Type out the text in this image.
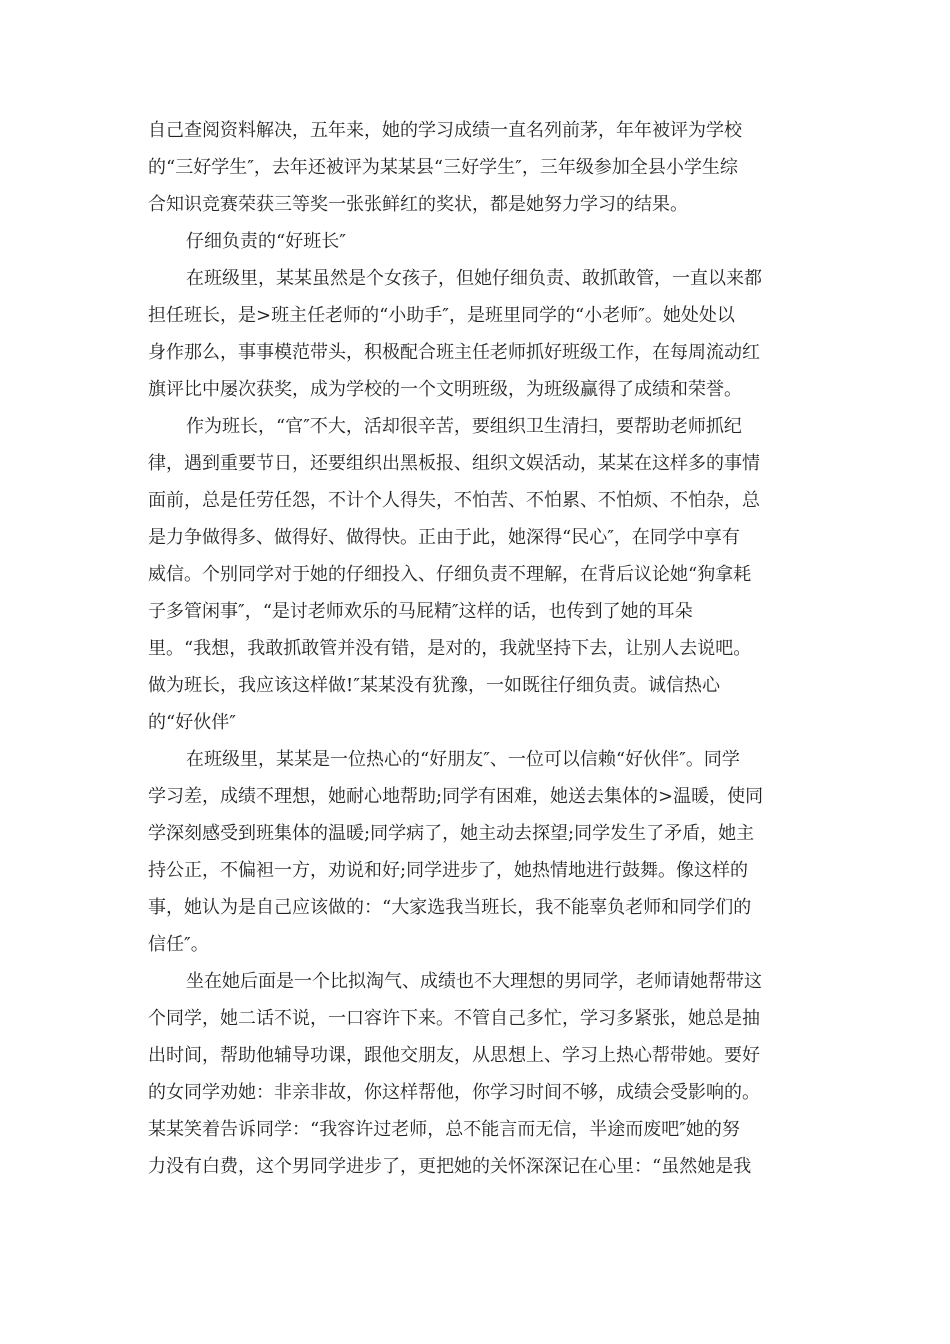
自己查阅资料解决，五年来，她的学习成绩一直名列前茅，年年被评为学校
的“三好学生″，去年还被评为某某县“三好学生″，三年级参加全县小学生综
合知识竞赛荣获三等奖一张张鲜红的奖状，都是她努力学习的结果。
仔细负责的“好班长″
在班级里，某某虽然是个女孩子，但她仔细负责、敢抓敢管，一直以来都
担任班长，是>班主任老师的“小助手″，是班里同学的“小老师″。她处处以
身作那么，事事模范带头，积极配合班主任老师抓好班级工作，在每周流动红
旗评比中屡次获奖，成为学校的一个文明班级，为班级赢得了成绩和荣誉。
作为班长，“官″不大，活却很辛苦，要组织卫生清扫，要帮助老师抓纪
律，遇到重要节日，还要组织出黑板报、组织文娱活动，某某在这样多的事情
面前，总是任劳任怨，不计个人得失，不怕苦、不怕累、不怕烦、不怕杂，总
是力争做得多、做得好、做得快。正由于此，她深得“民心″，在同学中享有
威信。个别同学对于她的仔细投入、仔细负责不理解，在背后议论她“狗拿耗
子多管闲事″，“是讨老师欢乐的马屁精″这样的话，也传到了她的耳朵
里。“我想，我敢抓敢管并没有错，是对的，我就坚持下去，让别人去说吧。
做为班长，我应该这样做!″某某没有犹豫，一如既往仔细负责。诚信热心
的“好伙伴″
在班级里，某某是一位热心的“好朋友″、一位可以信赖“好伙伴″。同学
学习差，成绩不理想，她耐心地帮助;同学有困难，她送去集体的>温暖，使同
学深刻感受到班集体的温暖;同学病了，她主动去探望;同学发生了矛盾，她主
持公正，不偏袒一方，劝说和好;同学进步了，她热情地进行鼓舞。像这样的
事，她认为是自己应该做的：“大家选我当班长，我不能辜负老师和同学们的
信任″。
坐在她后面是一个比拟淘气、成绩也不大理想的男同学，老师请她帮带这
个同学，她二话不说，一口容许下来。不管自己多忙，学习多紧张，她总是抽
出时间，帮助他辅导功课，跟他交朋友，从思想上、学习上热心帮带她。要好
的女同学劝她：非亲非故，你这样帮他，你学习时间不够，成绩会受影响的。
某某笑着告诉同学：“我容许过老师，总不能言而无信，半途而废吧″她的努
力没有白费，这个男同学进步了，更把她的关怀深深记在心里：“虽然她是我
